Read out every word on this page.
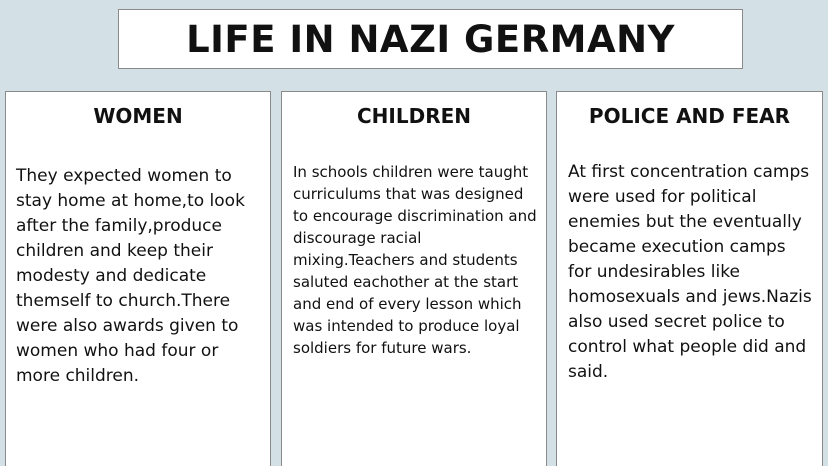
LIFE IN NAZI GERMANY
WOMEN

They expected women to stay home at home,to look after the family,produce children and keep their modesty and dedicate themself to church.There were also awards given to women who had four or more children.

CHILDREN

In schools children were taught curriculums that was designed to encourage discrimination and discourage racial mixing.Teachers and students saluted eachother at the start and end of every lesson which was intended to produce loyal soldiers for future wars.

POLICE AND FEAR

At first concentration camps were used for political enemies but the eventually became execution camps for undesirables like homosexuals and jews.Nazis also used secret police to control what people did and said.
